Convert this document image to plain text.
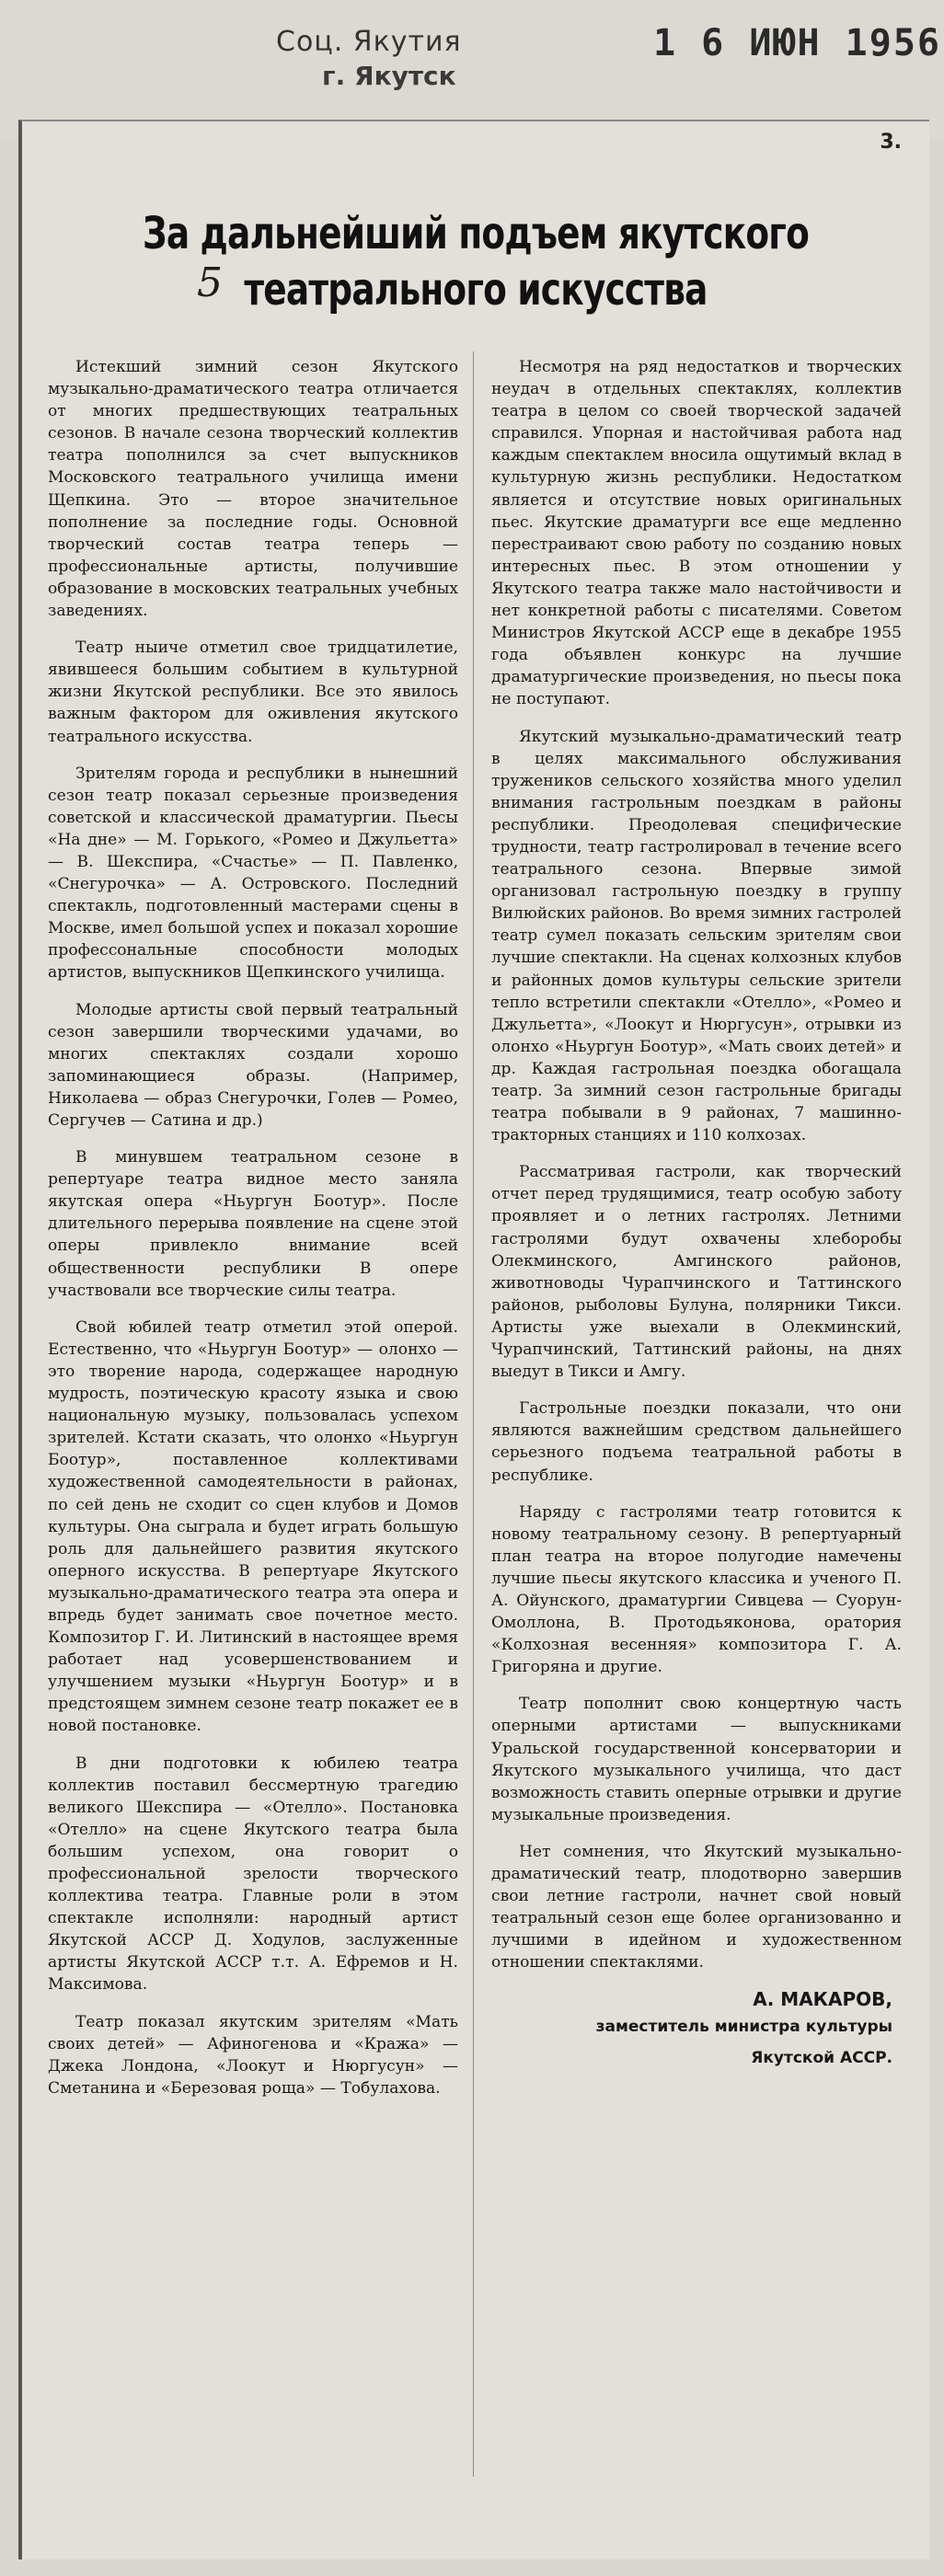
Соц. Якутия
г. Якутск
1 6 ИЮН 1956
3.
За дальнейший подъем якутского
театрального искусства
5

Истекший зимний сезон Якутского музыкально-драматического театра отличается от многих предшествующих театральных сезонов. В начале сезона творческий коллектив театра пополнился за счет выпускников Московского театрального училища имени Щепкина. Это — второе значительное пополнение за последние годы. Основной творческий состав театра теперь — профессиональные артисты, получившие образование в московских театральных учебных заведениях.

Театр ныиче отметил свое тридцатилетие, явившееся большим событием в культурной жизни Якутской республики. Все это явилось важным фактором для оживления якутского театрального искусства.

Зрителям города и республики в нынешний сезон театр показал серьезные произведения советской и классической драматургии. Пьесы «На дне» — М. Горького, «Ромео и Джульетта» — В. Шекспира, «Счастье» — П. Павленко, «Снегурочка» — А. Островского. Последний спектакль, подготовленный мастерами сцены в Москве, имел большой успех и показал хорошие профессональные способности молодых артистов, выпускников Щепкинского училища.

Молодые артисты свой первый театральный сезон завершили творческими удачами, во многих спектаклях создали хорошо запоминающиеся образы. (Например, Николаева — образ Снегурочки, Голев — Ромео, Сергучев — Сатина и др.)

В минувшем театральном сезоне в репертуаре театра видное место заняла якутская опера «Ньургун Боотур». После длительного перерыва появление на сцене этой оперы привлекло внимание всей общественности республики В опере участвовали все творческие силы театра.

Свой юбилей театр отметил этой оперой. Естественно, что «Ньургун Боотур» — олонхо — это творение народа, содержащее народную мудрость, поэтическую красоту языка и свою национальную музыку, пользовалась успехом зрителей. Кстати сказать, что олонхо «Ньургун Боотур», поставленное коллективами художественной самодеятельности в районах, по сей день не сходит со сцен клубов и Домов культуры. Она сыграла и будет играть большую роль для дальнейшего развития якутского оперного искусства. В репертуаре Якутского музыкально-драматического театра эта опера и впредь будет занимать свое почетное место. Композитор Г. И. Литинский в настоящее время работает над усовершенствованием и улучшением музыки «Ньургун Боотур» и в предстоящем зимнем сезоне театр покажет ее в новой постановке.

В дни подготовки к юбилею театра коллектив поставил бессмертную трагедию великого Шекспира — «Отелло». Постановка «Отелло» на сцене Якутского театра была большим успехом, она говорит о профессиональной зрелости творческого коллектива театра. Главные роли в этом спектакле исполняли: народный артист Якутской АССР Д. Ходулов, заслуженные артисты Якутской АССР т.т. А. Ефремов и Н. Максимова.

Театр показал якутским зрителям «Мать своих детей» — Афиногенова и «Кража» — Джека Лондона, «Лоокут и Нюргусун» — Сметанина и «Березовая роща» — Тобулахова.

Несмотря на ряд недостатков и творческих неудач в отдельных спектаклях, коллектив театра в целом со своей творческой задачей справился. Упорная и настойчивая работа над каждым спектаклем вносила ощутимый вклад в культурную жизнь республики. Недостатком является и отсутствие новых оригинальных пьес. Якутские драматурги все еще медленно перестраивают свою работу по созданию новых интересных пьес. В этом отношении у Якутского театра также мало настойчивости и нет конкретной работы с писателями. Советом Министров Якутской АССР еще в декабре 1955 года объявлен конкурс на лучшие драматургические произведения, но пьесы пока не поступают.

Якутский музыкально-драматический театр в целях максимального обслуживания тружеников сельского хозяйства много уделил внимания гастрольным поездкам в районы республики. Преодолевая специфические трудности, театр гастролировал в течение всего театрального сезона. Впервые зимой организовал гастрольную поездку в группу Вилюйских районов. Во время зимних гастролей театр сумел показать сельским зрителям свои лучшие спектакли. На сценах колхозных клубов и районных домов культуры сельские зрители тепло встретили спектакли «Отелло», «Ромео и Джульетта», «Лоокут и Нюргусун», отрывки из олонхо «Ньургун Боотур», «Мать своих детей» и др. Каждая гастрольная поездка обогащала театр. За зимний сезон гастрольные бригады театра побывали в 9 районах, 7 машинно-тракторных станциях и 110 колхозах.

Рассматривая гастроли, как творческий отчет перед трудящимися, театр особую заботу проявляет и о летних гастролях. Летними гастролями будут охвачены хлеборобы Олекминского, Амгинского районов, животноводы Чурапчинского и Таттинского районов, рыболовы Булуна, полярники Тикси. Артисты уже выехали в Олекминский, Чурапчинский, Таттинский районы, на днях выедут в Тикси и Амгу.

Гастрольные поездки показали, что они являются важнейшим средством дальнейшего серьезного подъема театральной работы в республике.

Наряду с гастролями театр готовится к новому театральному сезону. В репертуарный план театра на второе полугодие намечены лучшие пьесы якутского классика и ученого П. А. Ойунского, драматургии Сивцева — Суорун-Омоллона, В. Протодьяконова, оратория «Колхозная весенняя» композитора Г. А. Григоряна и другие.

Театр пополнит свою концертную часть оперными артистами — выпускниками Уральской государственной консерватории и Якутского музыкального училища, что даст возможность ставить оперные отрывки и другие музыкальные произведения.

Нет сомнения, что Якутский музыкально-драматический театр, плодотворно завершив свои летние гастроли, начнет свой новый театральный сезон еще более организованно и лучшими в идейном и художественном отношении спектаклями.

А. МАКАРОВ,
заместитель министра культуры
Якутской АССР.
